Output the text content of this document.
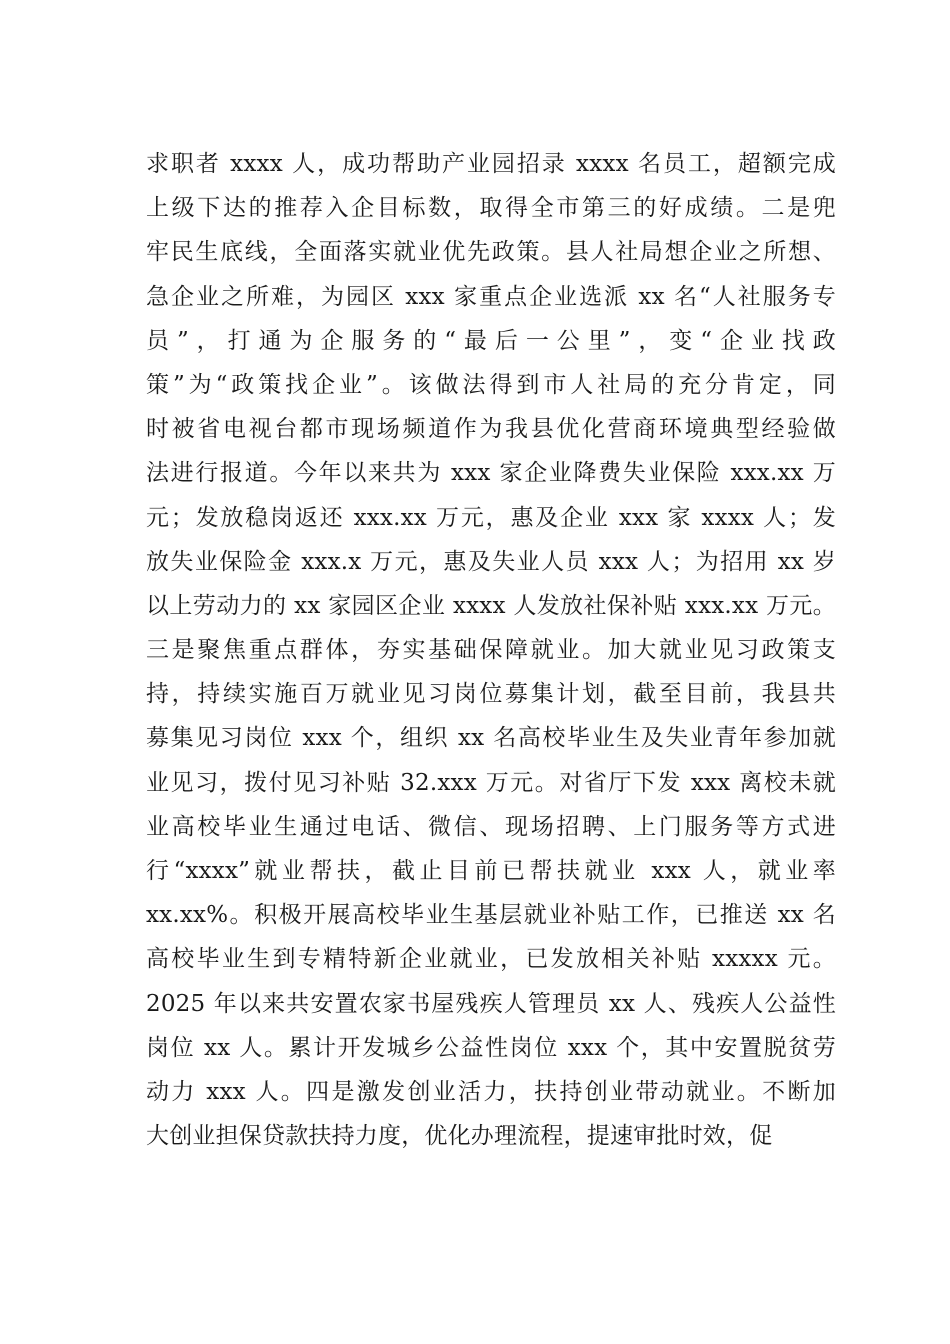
求职者 xxxx 人，成功帮助产业园招录 xxxx 名员工，超额完成
上级下达的推荐入企目标数，取得全市第三的好成绩。二是兜
牢民生底线，全面落实就业优先政策。县人社局想企业之所想、
急企业之所难，为园区 xxx 家重点企业选派 xx 名“人社服务专
员”，打通为企服务的“最后一公里”，变“企业找政
策”为“政策找企业”。该做法得到市人社局的充分肯定，同
时被省电视台都市现场频道作为我县优化营商环境典型经验做
法进行报道。今年以来共为 xxx 家企业降费失业保险 xxx.xx 万
元；发放稳岗返还 xxx.xx 万元，惠及企业 xxx 家 xxxx 人；发
放失业保险金 xxx.x 万元，惠及失业人员 xxx 人；为招用 xx 岁
以上劳动力的 xx 家园区企业 xxxx 人发放社保补贴 xxx.xx 万元。
三是聚焦重点群体，夯实基础保障就业。加大就业见习政策支
持，持续实施百万就业见习岗位募集计划，截至目前，我县共
募集见习岗位 xxx 个，组织 xx 名高校毕业生及失业青年参加就
业见习，拨付见习补贴 32.xxx 万元。对省厅下发 xxx 离校未就
业高校毕业生通过电话、微信、现场招聘、上门服务等方式进
行“xxxx”就业帮扶，截止目前已帮扶就业 xxx 人，就业率
xx.xx%。积极开展高校毕业生基层就业补贴工作，已推送 xx 名
高校毕业生到专精特新企业就业，已发放相关补贴 xxxxx 元。
2025 年以来共安置农家书屋残疾人管理员 xx 人、残疾人公益性
岗位 xx 人。累计开发城乡公益性岗位 xxx 个，其中安置脱贫劳
动力 xxx 人。四是激发创业活力，扶持创业带动就业。不断加
大创业担保贷款扶持力度，优化办理流程，提速审批时效，促
